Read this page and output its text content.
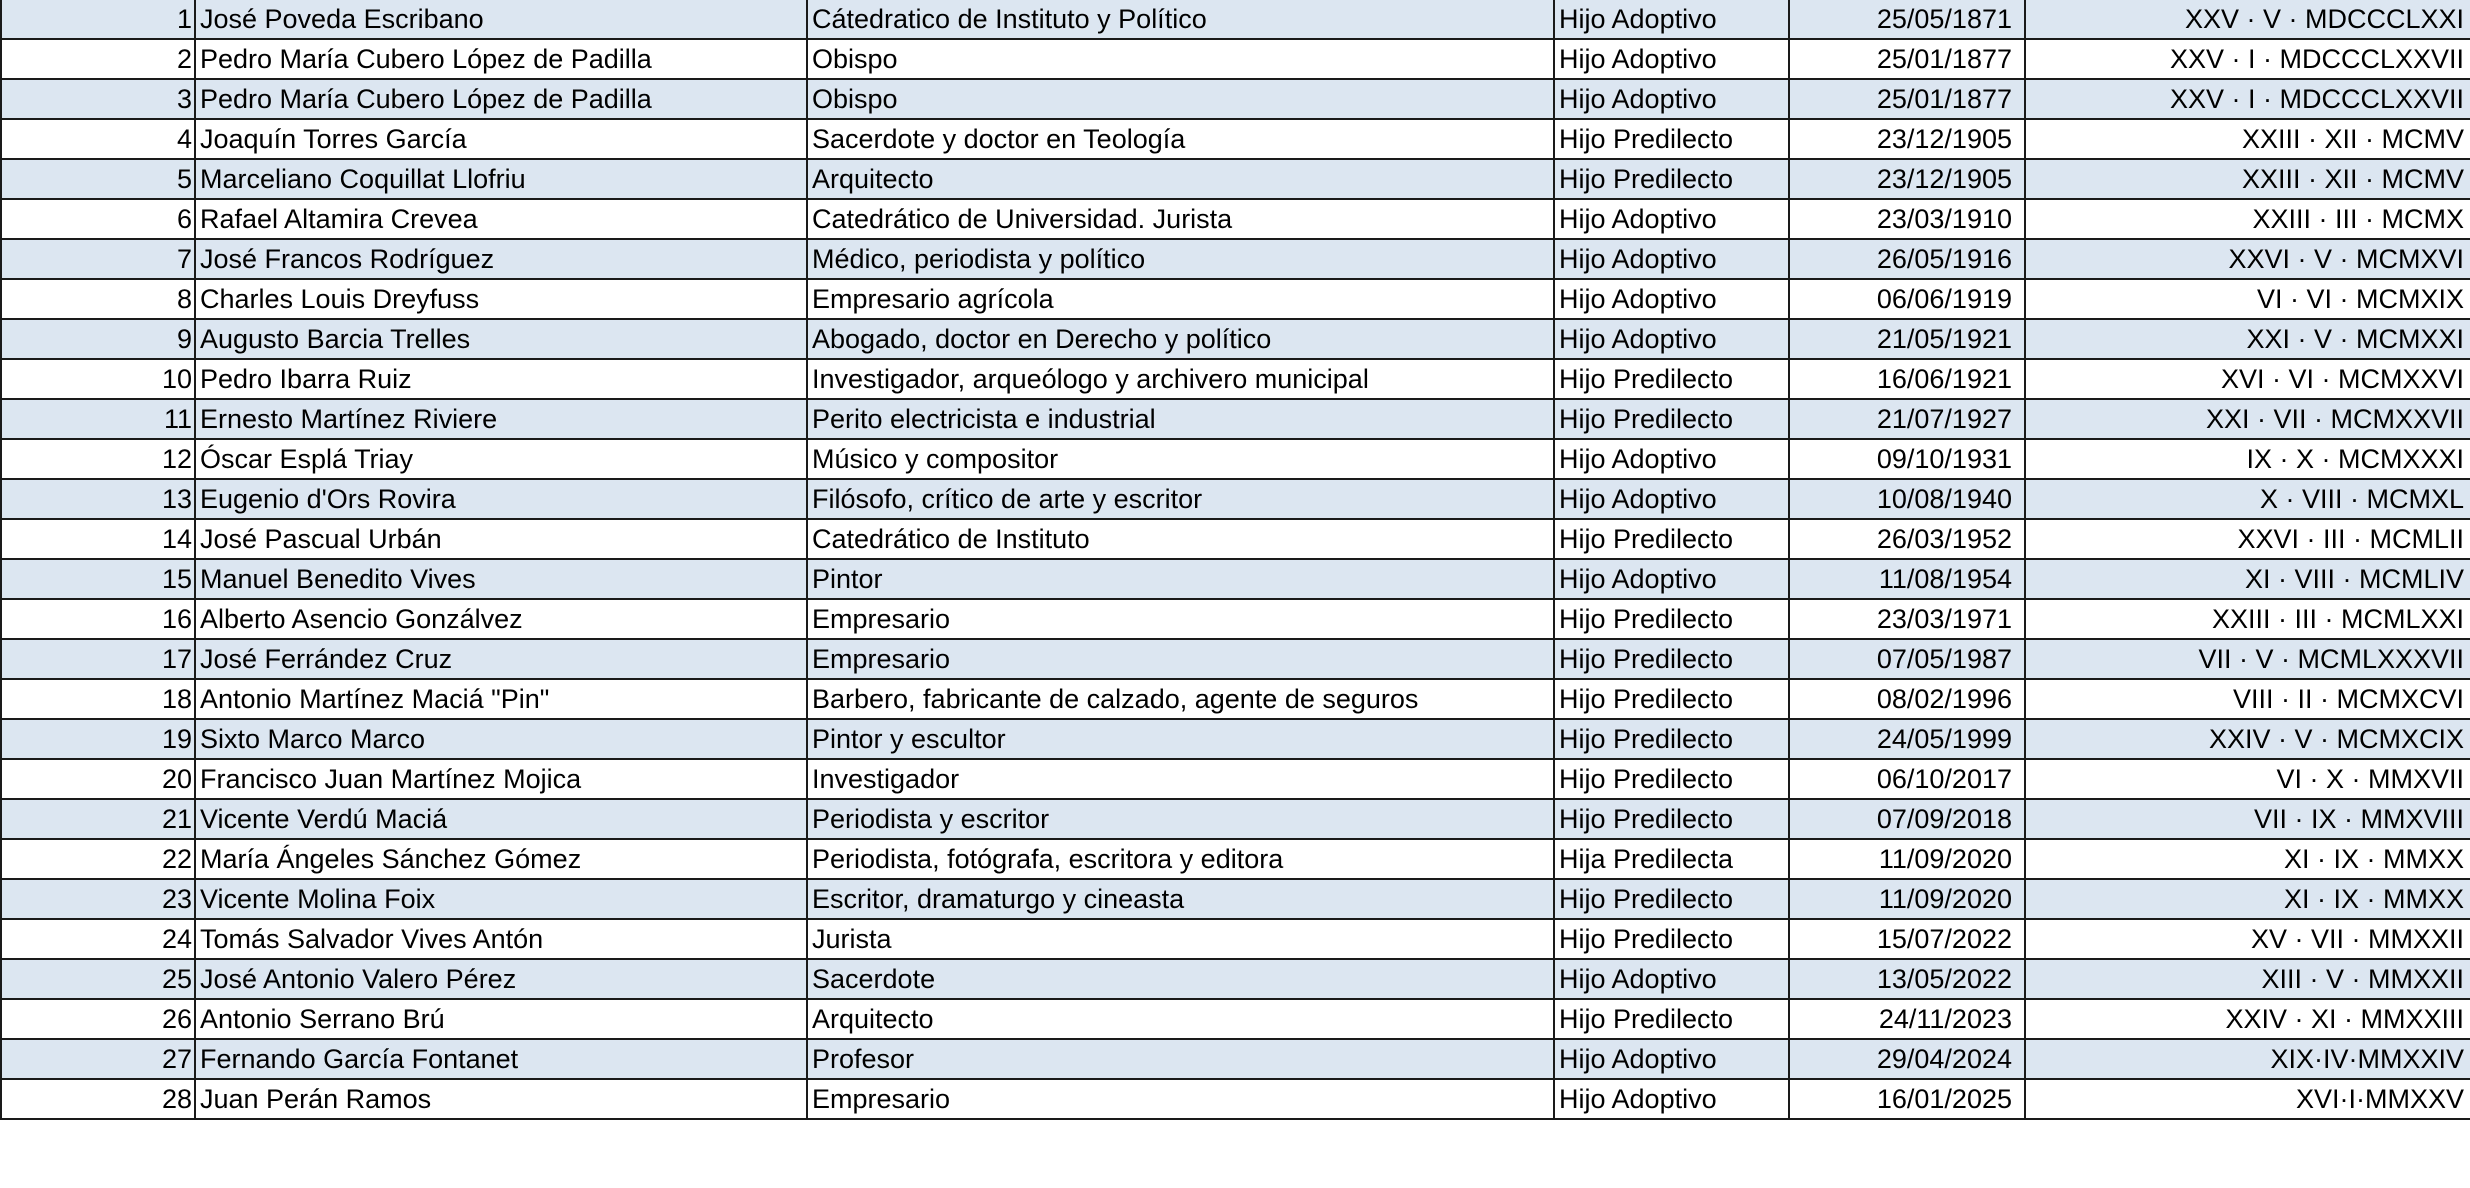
1	José Poveda Escribano	Cátedratico de Instituto y Político	Hijo Adoptivo	25/05/1871	XXV · V · MDCCCLXXI
2	Pedro María Cubero López de Padilla	Obispo	Hijo Adoptivo	25/01/1877	XXV · I · MDCCCLXXVII
3	Pedro María Cubero López de Padilla	Obispo	Hijo Adoptivo	25/01/1877	XXV · I · MDCCCLXXVII
4	Joaquín Torres García	Sacerdote y doctor en Teología	Hijo Predilecto	23/12/1905	XXIII · XII · MCMV
5	Marceliano Coquillat Llofriu	Arquitecto	Hijo Predilecto	23/12/1905	XXIII · XII · MCMV
6	Rafael Altamira Crevea	Catedrático de Universidad. Jurista	Hijo Adoptivo	23/03/1910	XXIII · III · MCMX
7	José Francos Rodríguez	Médico, periodista y político	Hijo Adoptivo	26/05/1916	XXVI · V · MCMXVI
8	Charles Louis Dreyfuss	Empresario agrícola	Hijo Adoptivo	06/06/1919	VI · VI · MCMXIX
9	Augusto Barcia Trelles	Abogado, doctor en Derecho y político	Hijo Adoptivo	21/05/1921	XXI · V · MCMXXI
10	Pedro Ibarra Ruiz	Investigador, arqueólogo y archivero municipal	Hijo Predilecto	16/06/1921	XVI · VI · MCMXXVI
11	Ernesto Martínez Riviere	Perito electricista e industrial	Hijo Predilecto	21/07/1927	XXI · VII · MCMXXVII
12	Óscar Esplá Triay	Músico y compositor	Hijo Adoptivo	09/10/1931	IX · X · MCMXXXI
13	Eugenio d'Ors Rovira	Filósofo, crítico de arte y escritor	Hijo Adoptivo	10/08/1940	X · VIII · MCMXL
14	José Pascual Urbán	Catedrático de Instituto	Hijo Predilecto	26/03/1952	XXVI · III · MCMLII
15	Manuel Benedito Vives	Pintor	Hijo Adoptivo	11/08/1954	XI · VIII · MCMLIV
16	Alberto Asencio Gonzálvez	Empresario	Hijo Predilecto	23/03/1971	XXIII · III · MCMLXXI
17	José Ferrández Cruz	Empresario	Hijo Predilecto	07/05/1987	VII · V · MCMLXXXVII
18	Antonio Martínez Maciá "Pin"	Barbero, fabricante de calzado, agente de seguros	Hijo Predilecto	08/02/1996	VIII · II · MCMXCVI
19	Sixto Marco Marco	Pintor y escultor	Hijo Predilecto	24/05/1999	XXIV · V · MCMXCIX
20	Francisco Juan Martínez Mojica	Investigador	Hijo Predilecto	06/10/2017	VI · X · MMXVII
21	Vicente Verdú Maciá	Periodista y escritor	Hijo Predilecto	07/09/2018	VII · IX · MMXVIII
22	María Ángeles Sánchez Gómez	Periodista, fotógrafa, escritora y editora	Hija Predilecta	11/09/2020	XI · IX · MMXX
23	Vicente Molina Foix	Escritor, dramaturgo y cineasta	Hijo Predilecto	11/09/2020	XI · IX · MMXX
24	Tomás Salvador Vives Antón	Jurista	Hijo Predilecto	15/07/2022	XV · VII · MMXXII
25	José Antonio Valero Pérez	Sacerdote	Hijo Adoptivo	13/05/2022	XIII · V · MMXXII
26	Antonio Serrano Brú	Arquitecto	Hijo Predilecto	24/11/2023	XXIV · XI · MMXXIII
27	Fernando García Fontanet	Profesor	Hijo Adoptivo	29/04/2024	XIX·IV·MMXXIV
28	Juan Perán Ramos	Empresario	Hijo Adoptivo	16/01/2025	XVI·I·MMXXV
